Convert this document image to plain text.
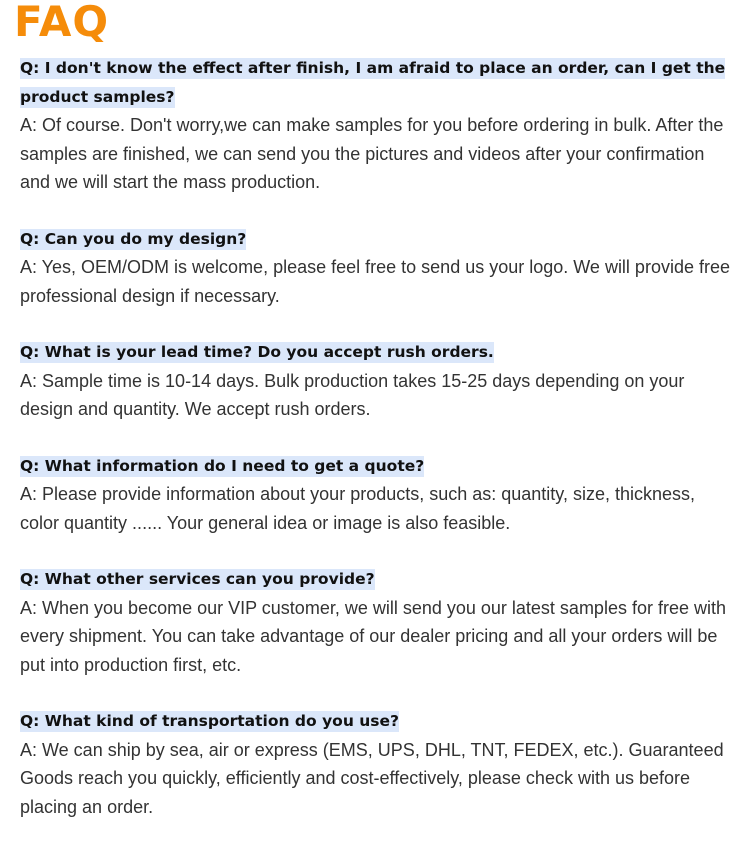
FAQ

Q: I don't know the effect after finish, I am afraid to place an order, can I get the product samples?

A: Of course. Don't worry,we can make samples for you before ordering in bulk. After the samples are finished, we can send you the pictures and videos after your confirmation and we will start the mass production.

Q: Can you do my design?

A: Yes, OEM/ODM is welcome, please feel free to send us your logo. We will provide free professional design if necessary.

Q: What is your lead time? Do you accept rush orders.

A: Sample time is 10-14 days. Bulk production takes 15-25 days depending on your design and quantity. We accept rush orders.

Q: What information do I need to get a quote?

A: Please provide information about your products, such as: quantity, size, thickness, color quantity ...... Your general idea or image is also feasible.

Q: What other services can you provide?

A: When you become our VIP customer, we will send you our latest samples for free with every shipment. You can take advantage of our dealer pricing and all your orders will be put into production first, etc.

Q: What kind of transportation do you use?

A: We can ship by sea, air or express (EMS, UPS, DHL, TNT, FEDEX, etc.). Guaranteed Goods reach you quickly, efficiently and cost-effectively, please check with us before placing an order.
